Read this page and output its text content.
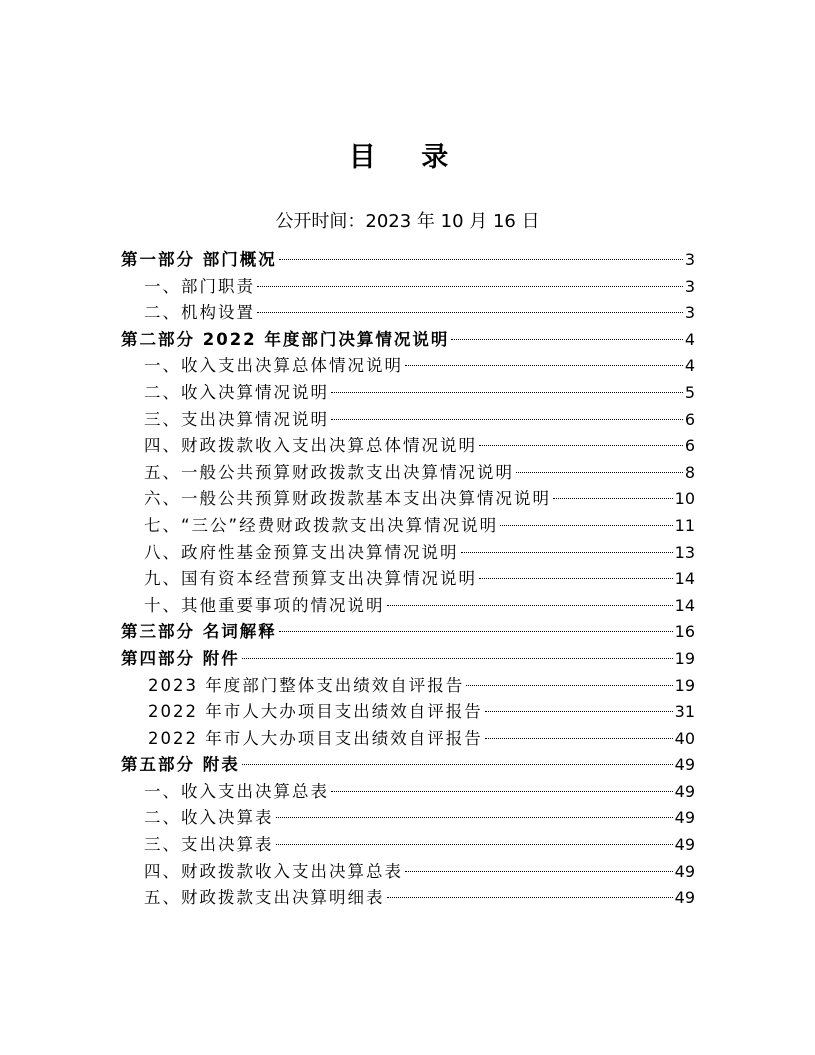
目 录
公开时间：2023 年 10 月 16 日
第一部分 部门概况	3
一、部门职责	3
二、机构设置	3
第二部分 2022 年度部门决算情况说明	4
一、收入支出决算总体情况说明	4
二、收入决算情况说明	5
三、支出决算情况说明	6
四、财政拨款收入支出决算总体情况说明	6
五、一般公共预算财政拨款支出决算情况说明	8
六、一般公共预算财政拨款基本支出决算情况说明	10
七、“三公”经费财政拨款支出决算情况说明	11
八、政府性基金预算支出决算情况说明	13
九、国有资本经营预算支出决算情况说明	14
十、其他重要事项的情况说明	14
第三部分 名词解释	16
第四部分 附件	19
2023 年度部门整体支出绩效自评报告	19
2022 年市人大办项目支出绩效自评报告	31
2022 年市人大办项目支出绩效自评报告	40
第五部分 附表	49
一、收入支出决算总表	49
二、收入决算表	49
三、支出决算表	49
四、财政拨款收入支出决算总表	49
五、财政拨款支出决算明细表	49
